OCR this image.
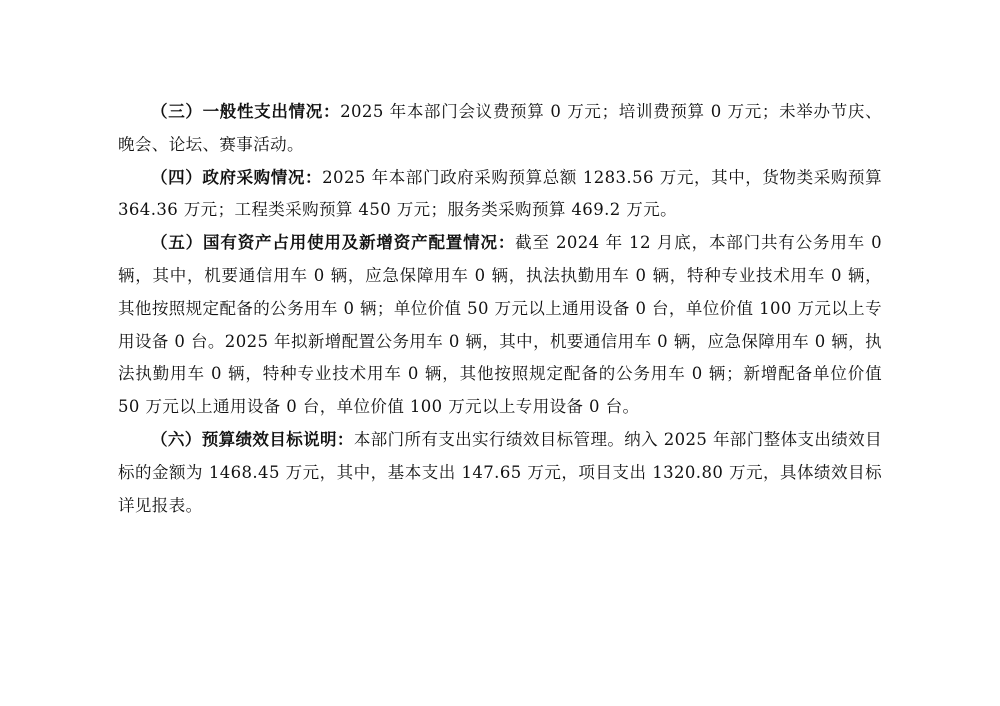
（三）一般性支出情况：2025 年本部门会议费预算 0 万元；培训费预算 0 万元；未举办节庆、晚会、论坛、赛事活动。

（四）政府采购情况：2025 年本部门政府采购预算总额 1283.56 万元，其中，货物类采购预算 364.36 万元；工程类采购预算 450 万元；服务类采购预算 469.2 万元。

（五）国有资产占用使用及新增资产配置情况：截至 2024 年 12 月底，本部门共有公务用车 0 辆，其中，机要通信用车 0 辆，应急保障用车 0 辆，执法执勤用车 0 辆，特种专业技术用车 0 辆，其他按照规定配备的公务用车 0 辆；单位价值 50 万元以上通用设备 0 台，单位价值 100 万元以上专用设备 0 台。2025 年拟新增配置公务用车 0 辆，其中，机要通信用车 0 辆，应急保障用车 0 辆，执法执勤用车 0 辆，特种专业技术用车 0 辆，其他按照规定配备的公务用车 0 辆；新增配备单位价值 50 万元以上通用设备 0 台，单位价值 100 万元以上专用设备 0 台。

（六）预算绩效目标说明：本部门所有支出实行绩效目标管理。纳入 2025 年部门整体支出绩效目标的金额为 1468.45 万元，其中，基本支出 147.65 万元，项目支出 1320.80 万元，具体绩效目标详见报表。
